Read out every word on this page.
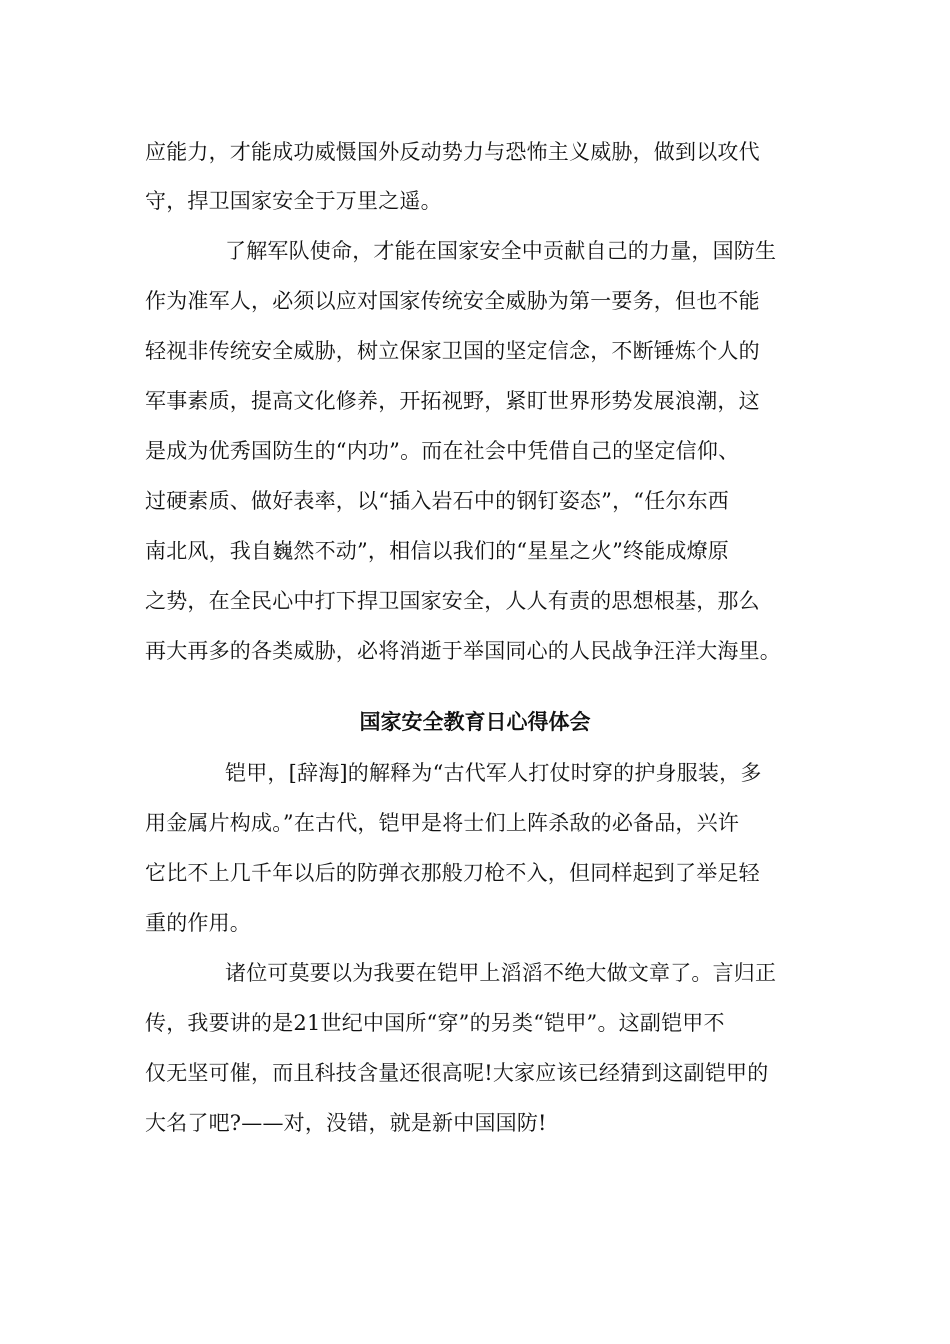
应能力，才能成功威慑国外反动势力与恐怖主义威胁，做到以攻代
守，捍卫国家安全于万里之遥。
了解军队使命，才能在国家安全中贡献自己的力量，国防生
作为准军人，必须以应对国家传统安全威胁为第一要务，但也不能
轻视非传统安全威胁，树立保家卫国的坚定信念，不断锤炼个人的
军事素质，提高文化修养，开拓视野，紧盯世界形势发展浪潮，这
是成为优秀国防生的“内功”。而在社会中凭借自己的坚定信仰、
过硬素质、做好表率，以“插入岩石中的钢钉姿态”，“任尔东西
南北风，我自巍然不动”，相信以我们的“星星之火”终能成燎原
之势，在全民心中打下捍卫国家安全，人人有责的思想根基，那么
再大再多的各类威胁，必将消逝于举国同心的人民战争汪洋大海里。
国家安全教育日心得体会
铠甲，[辞海]的解释为“古代军人打仗时穿的护身服装，多
用金属片构成。”在古代，铠甲是将士们上阵杀敌的必备品，兴许
它比不上几千年以后的防弹衣那般刀枪不入，但同样起到了举足轻
重的作用。
诸位可莫要以为我要在铠甲上滔滔不绝大做文章了。言归正
传，我要讲的是21世纪中国所“穿”的另类“铠甲”。这副铠甲不
仅无坚可催，而且科技含量还很高呢!大家应该已经猜到这副铠甲的
大名了吧?——对，没错，就是新中国国防!
